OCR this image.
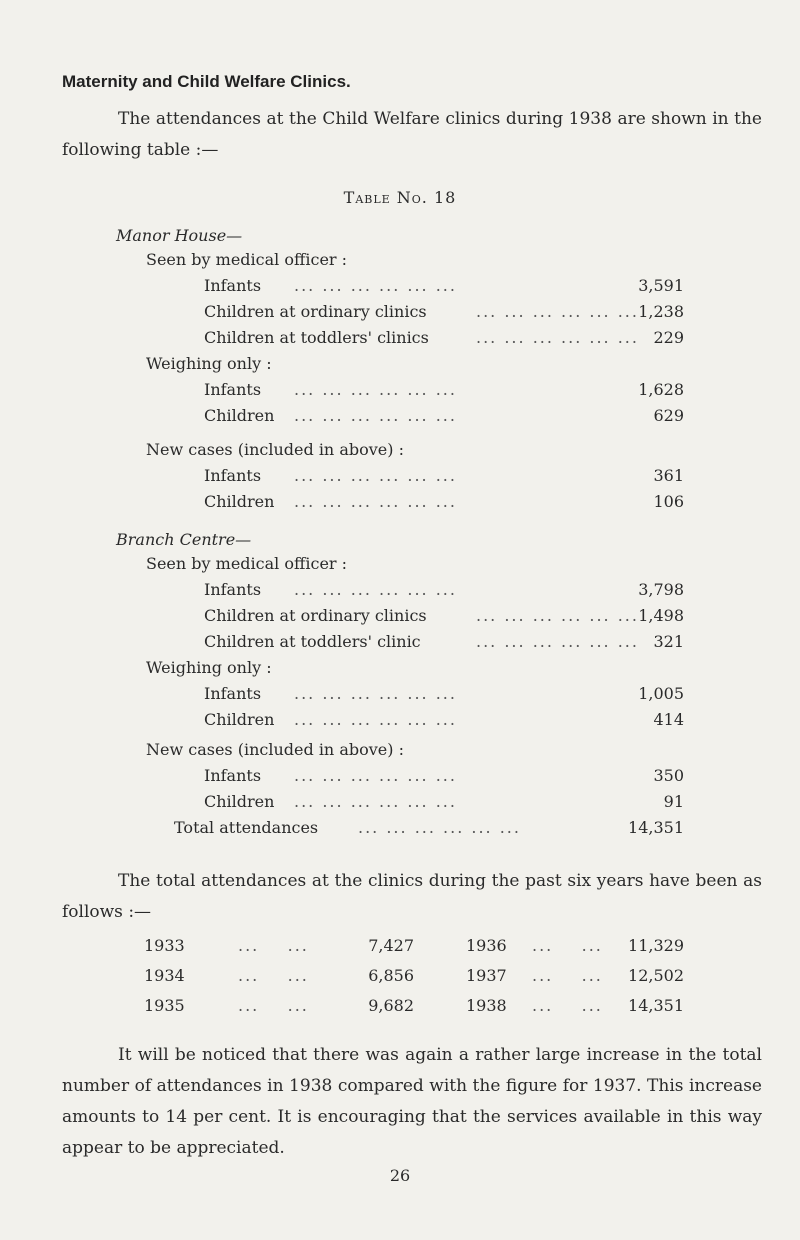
Maternity and Child Welfare Clinics.

The attendances at the Child Welfare clinics during 1938 are shown in the following table :—

Table No. 18
Manor House—
Seen by medical officer :
Infants ... ... ... ... ... ...	3,591
Children at ordinary clinics	... ... ... ... ... ... 1,238
Children at toddlers' clinics	... ... ... ... ... ... 229
Weighing only :
Infants ... ... ... ... ... ...	1,628
Children ... ... ... ... ... ...	629
New cases (included in above) :
Infants ... ... ... ... ... ...	361
Children ... ... ... ... ... ...	106
Branch Centre—
Seen by medical officer :
Infants ... ... ... ... ... ...	3,798
Children at ordinary clinics	... ... ... ... ... ... 1,498
Children at toddlers' clinic	... ... ... ... ... ... 321
Weighing only :
Infants ... ... ... ... ... ...	1,005
Children ... ... ... ... ... ...	414
New cases (included in above) :
Infants ... ... ... ... ... ...	350
Children ... ... ... ... ... ...	91
Total attendances ... ... ... ... ... ...	14,351

The total attendances at the clinics during the past six years have been as follows :—

1933	...    ...	7,427
1934	...    ...	6,856
1935	...    ...	9,682
1936 ...    ...	11,329
1937 ...    ...	12,502
1938 ...    ...	14,351

It will be noticed that there was again a rather large increase in the total number of attendances in 1938 compared with the figure for 1937. This increase amounts to 14 per cent. It is encouraging that the services available in this way appear to be appreciated.

26
